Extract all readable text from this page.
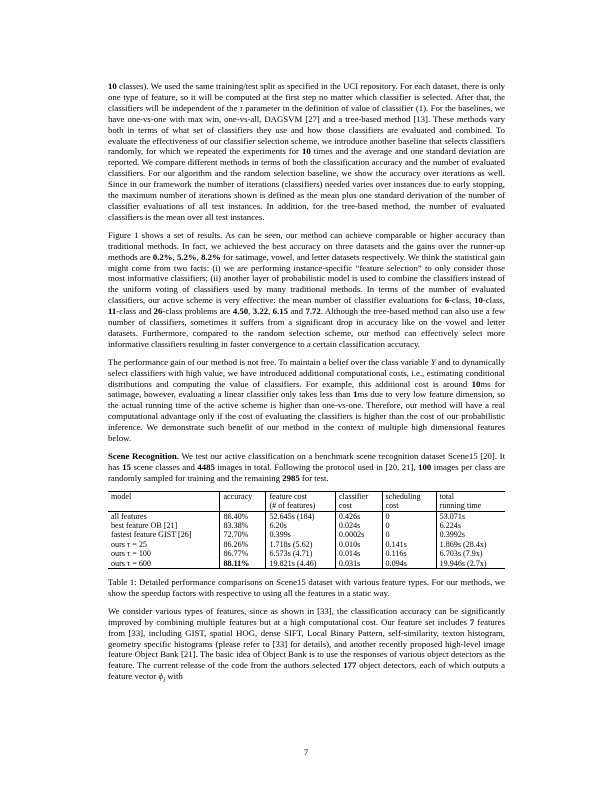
10 classes). We used the same training/test split as specified in the UCI repository. For each dataset, there is only one type of feature, so it will be computed at the first step no matter which classifier is selected. After that, the classifiers will be independent of the τ parameter in the definition of value of classifier (1). For the baselines, we have one-vs-one with max win, one-vs-all, DAGSVM [27] and a tree-based method [13]. These methods vary both in terms of what set of classifiers they use and how those classifiers are evaluated and combined. To evaluate the effectiveness of our classifier selection scheme, we introduce another baseline that selects classifiers randomly, for which we repeated the experiments for 10 times and the average and one standard deviation are reported. We compare different methods in terms of both the classification accuracy and the number of evaluated classifiers. For our algorithm and the random selection baseline, we show the accuracy over iterations as well. Since in our framework the number of iterations (classifiers) needed varies over instances due to early stopping, the maximum number of iterations shown is defined as the mean plus one standard derivation of the number of classifier evaluations of all test instances. In addition, for the tree-based method, the number of evaluated classifiers is the mean over all test instances.

Figure 1 shows a set of results. As can be seen, our method can achieve comparable or higher accuracy than traditional methods. In fact, we achieved the best accuracy on three datasets and the gains over the runner-up methods are 0.2%, 5.2%, 8.2% for satimage, vowel, and letter datasets respectively. We think the statistical gain might come from two facts: (i) we are performing instance-specific “feature selection” to only consider those most informative classifiers; (ii) another layer of probabilistic model is used to combine the classifiers instead of the uniform voting of classifiers used by many traditional methods. In terms of the number of evaluated classifiers, our active scheme is very effective: the mean number of classifier evaluations for 6-class, 10-class, 11-class and 26-class problems are 4.50, 3.22, 6.15 and 7.72. Although the tree-based method can also use a few number of classifiers, sometimes it suffers from a significant drop in accuracy like on the vowel and letter datasets. Furthermore, compared to the random selection scheme, our method can effectively select more informative classifiers resulting in faster convergence to a certain classification accuracy.

The performance gain of our method is not free. To maintain a belief over the class variable Y and to dynamically select classifiers with high value, we have introduced additional computational costs, i.e., estimating conditional distributions and computing the value of classifiers. For example, this additional cost is around 10ms for satimage, however, evaluating a linear classifier only takes less than 1ms due to very low feature dimension, so the actual running time of the active scheme is higher than one-vs-one. Therefore, our method will have a real computational advantage only if the cost of evaluating the classifiers is higher than the cost of our probabilistic inference. We demonstrate such benefit of our method in the context of multiple high dimensional features below.

Scene Recognition. We test our active classification on a benchmark scene recognition dataset Scene15 [20]. It has 15 scene classes and 4485 images in total. Following the protocol used in [20, 21], 100 images per class are randomly sampled for training and the remaining 2985 for test.

model	accuracy	feature cost	classifier	scheduling	total
		(# of features)	cost	cost	running time
all features	86.40%	52.645s (184)	0.426s	0	53.071s
best feature OB [21]	83.38%	6.20s	0.024s	0	6.224s
fastest feature GIST [26]	72.70%	0.399s	0.0002s	0	0.3992s
ours τ = 25	86.26%	1.718s (5.62)	0.010s	0.141s	1.869s (28.4x)
ours τ = 100	86.77%	6.573s (4.71)	0.014s	0.116s	6.703s (7.9x)
ours τ = 600	88.11%	19.821s (4.46)	0.031s	0.094s	19.946s (2.7x)

Table 1: Detailed performance comparisons on Scene15 dataset with various feature types. For our methods, we show the speedup factors with respective to using all the features in a static way.

We consider various types of features, since as shown in [33], the classification accuracy can be significantly improved by combining multiple features but at a high computational cost. Our feature set includes 7 features from [33], including GIST, spatial HOG, dense SIFT, Local Binary Pattern, self-similarity, texton histogram, geometry specific histograms (please refer to [33] for details), and another recently proposed high-level image feature Object Bank [21]. The basic idea of Object Bank is to use the responses of various object detectors as the feature. The current release of the code from the authors selected 177 object detectors, each of which outputs a feature vector $\phi_i$ with

7
